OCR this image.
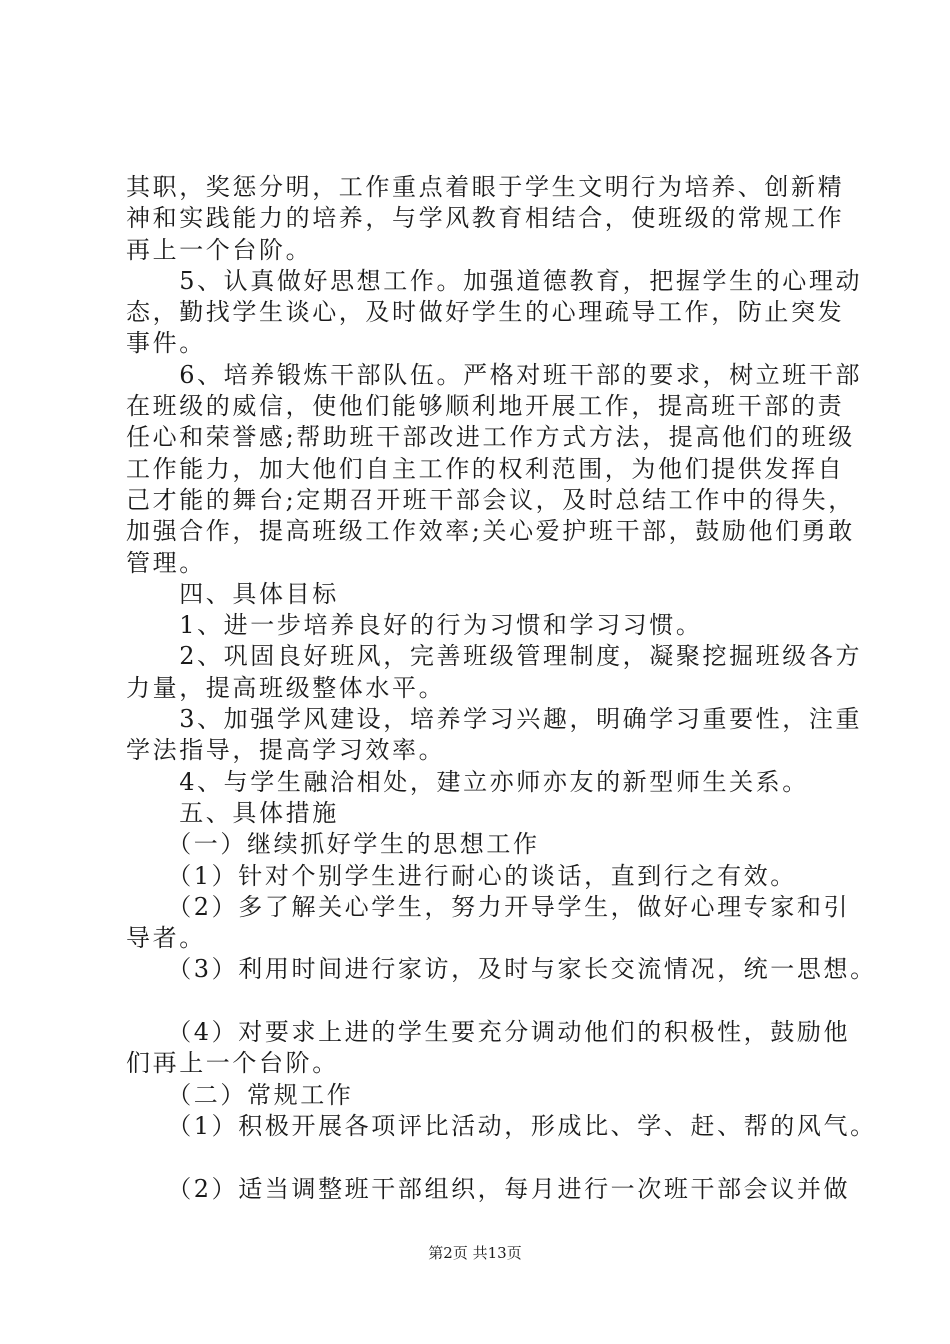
其职，奖惩分明，工作重点着眼于学生文明行为培养、创新精
神和实践能力的培养，与学风教育相结合，使班级的常规工作
再上一个台阶。
　　5、认真做好思想工作。加强道德教育，把握学生的心理动
态，勤找学生谈心，及时做好学生的心理疏导工作，防止突发
事件。
　　6、培养锻炼干部队伍。严格对班干部的要求，树立班干部
在班级的威信，使他们能够顺利地开展工作，提高班干部的责
任心和荣誉感;帮助班干部改进工作方式方法，提高他们的班级
工作能力，加大他们自主工作的权利范围，为他们提供发挥自
己才能的舞台;定期召开班干部会议，及时总结工作中的得失，
加强合作，提高班级工作效率;关心爱护班干部，鼓励他们勇敢
管理。
　　四、具体目标
　　1、进一步培养良好的行为习惯和学习习惯。
　　2、巩固良好班风，完善班级管理制度，凝聚挖掘班级各方
力量，提高班级整体水平。
　　3、加强学风建设，培养学习兴趣，明确学习重要性，注重
学法指导，提高学习效率。
　　4、与学生融洽相处，建立亦师亦友的新型师生关系。
　　五、具体措施
　　（一）继续抓好学生的思想工作
　　（1）针对个别学生进行耐心的谈话，直到行之有效。
　　（2）多了解关心学生，努力开导学生，做好心理专家和引
导者。
　　（3）利用时间进行家访，及时与家长交流情况，统一思想。
　　（4）对要求上进的学生要充分调动他们的积极性，鼓励他
们再上一个台阶。
　　（二）常规工作
　　（1）积极开展各项评比活动，形成比、学、赶、帮的风气。
　　（2）适当调整班干部组织，每月进行一次班干部会议并做
第2页 共13页
